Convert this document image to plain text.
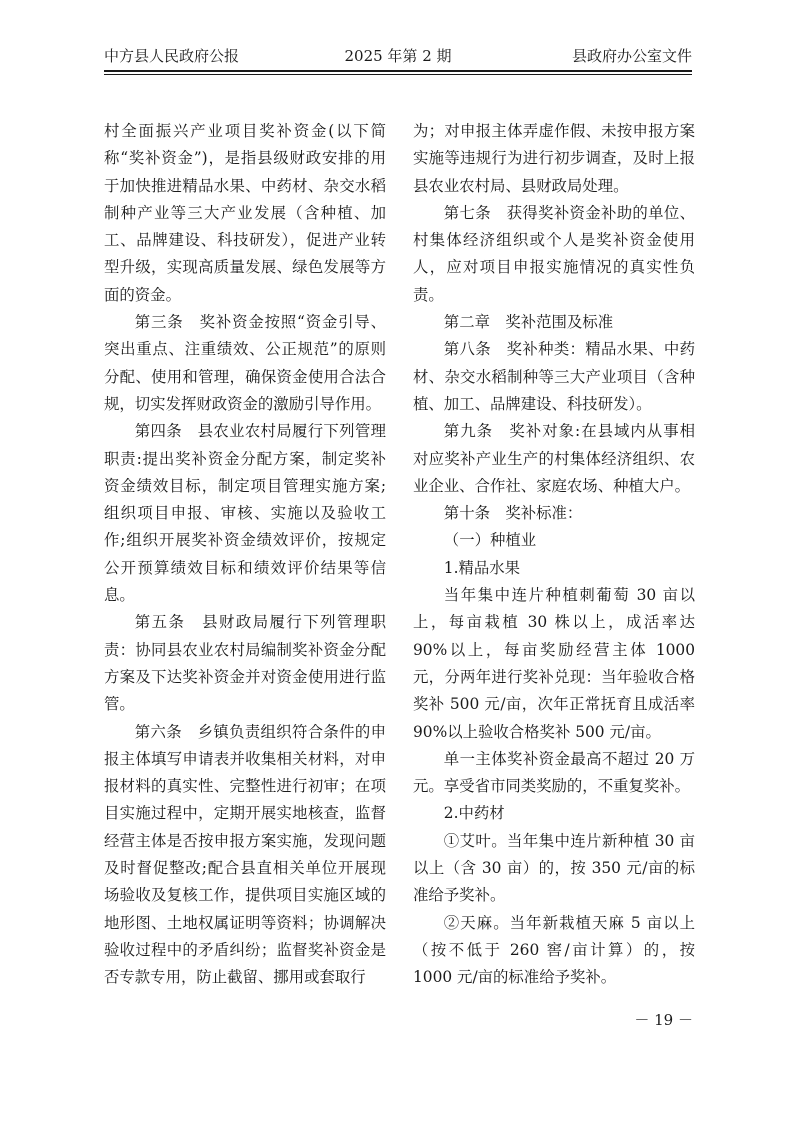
中方县人民政府公报	2025 年第 2 期	县政府办公室文件

村全面振兴产业项目奖补资金(以下简称“奖补资金”)，是指县级财政安排的用于加快推进精品水果、中药材、杂交水稻制种产业等三大产业发展（含种植、加工、品牌建设、科技研发），促进产业转型升级，实现高质量发展、绿色发展等方面的资金。

第三条　奖补资金按照“资金引导、突出重点、注重绩效、公正规范”的原则分配、使用和管理，确保资金使用合法合规，切实发挥财政资金的激励引导作用。

第四条　县农业农村局履行下列管理职责:提出奖补资金分配方案，制定奖补资金绩效目标，制定项目管理实施方案;组织项目申报、审核、实施以及验收工作;组织开展奖补资金绩效评价，按规定公开预算绩效目标和绩效评价结果等信息。

第五条　县财政局履行下列管理职责：协同县农业农村局编制奖补资金分配方案及下达奖补资金并对资金使用进行监管。

第六条　乡镇负责组织符合条件的申报主体填写申请表并收集相关材料，对申报材料的真实性、完整性进行初审；在项目实施过程中，定期开展实地核查，监督经营主体是否按申报方案实施，发现问题及时督促整改;配合县直相关单位开展现场验收及复核工作，提供项目实施区域的地形图、土地权属证明等资料；协调解决验收过程中的矛盾纠纷；监督奖补资金是否专款专用，防止截留、挪用或套取行

为；对申报主体弄虚作假、未按申报方案实施等违规行为进行初步调查，及时上报县农业农村局、县财政局处理。

第七条　获得奖补资金补助的单位、村集体经济组织或个人是奖补资金使用人，应对项目申报实施情况的真实性负责。

第二章　奖补范围及标准

第八条　奖补种类：精品水果、中药材、杂交水稻制种等三大产业项目（含种植、加工、品牌建设、科技研发）。

第九条　奖补对象:在县域内从事相对应奖补产业生产的村集体经济组织、农业企业、合作社、家庭农场、种植大户。

第十条　奖补标准：

（一）种植业

1.精品水果

当年集中连片种植刺葡萄 30 亩以上，每亩栽植 30 株以上，成活率达 90%以上，每亩奖励经营主体 1000 元，分两年进行奖补兑现：当年验收合格奖补 500 元/亩，次年正常抚育且成活率 90%以上验收合格奖补 500 元/亩。

单一主体奖补资金最高不超过 20 万元。享受省市同类奖励的，不重复奖补。

2.中药材

①艾叶。当年集中连片新种植 30 亩以上（含 30 亩）的，按 350 元/亩的标准给予奖补。

②天麻。当年新栽植天麻 5 亩以上（按不低于 260 窖/亩计算）的，按 1000 元/亩的标准给予奖补。

－ 19 －
